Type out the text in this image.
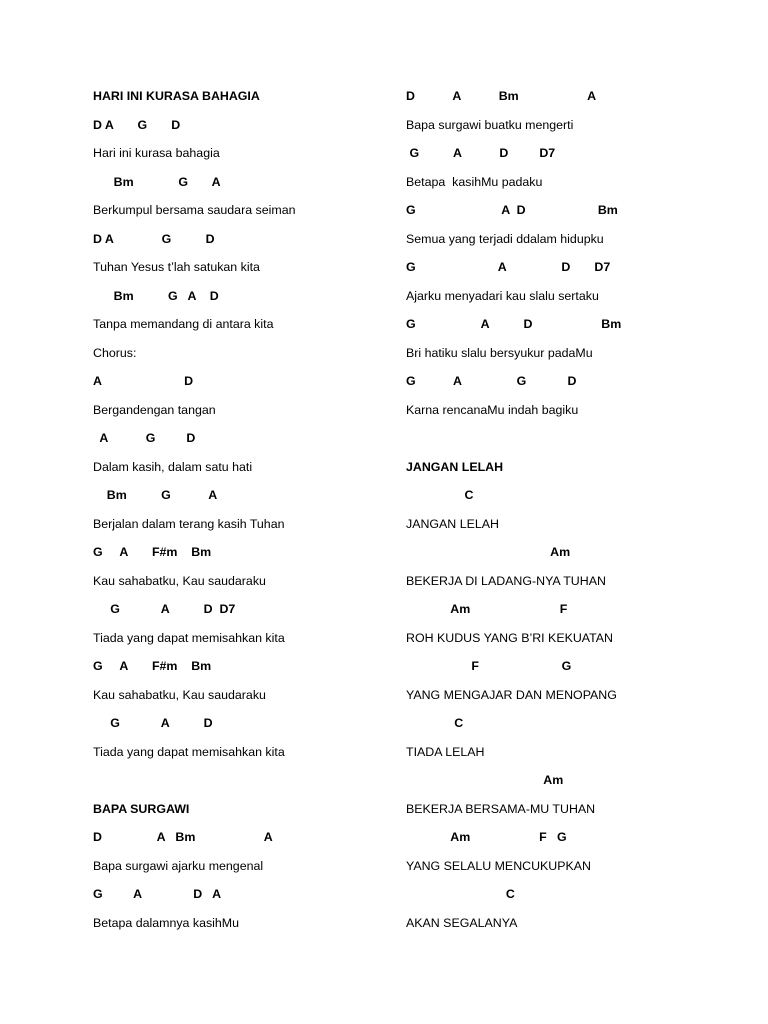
HARI INI KURASA BAHAGIA
D A       G       D
Hari ini kurasa bahagia
Bm             G       A
Berkumpul bersama saudara seiman
D A              G          D
Tuhan Yesus t’lah satukan kita
Bm          G   A    D
Tanpa memandang di antara kita
Chorus:
A                        D
Bergandengan tangan
A           G         D
Dalam kasih, dalam satu hati
Bm          G           A
Berjalan dalam terang kasih Tuhan
G     A       F#m    Bm
Kau sahabatku, Kau saudaraku
G            A          D  D7
Tiada yang dapat memisahkan kita
G     A       F#m    Bm
Kau sahabatku, Kau saudaraku
G            A          D
Tiada yang dapat memisahkan kita
BAPA SURGAWI
D                A   Bm                    A
Bapa surgawi ajarku mengenal
G         A               D   A
Betapa dalamnya kasihMu
D           A           Bm                    A
Bapa surgawi buatku mengerti
G          A           D         D7
Betapa  kasihMu padaku
G                         A  D                     Bm
Semua yang terjadi ddalam hidupku
G                        A                D       D7
Ajarku menyadari kau slalu sertaku
G                   A          D                    Bm
Bri hatiku slalu bersyukur padaMu
G           A                G            D
Karna rencanaMu indah bagiku
JANGAN LELAH
C
JANGAN LELAH
Am
BEKERJA DI LADANG-NYA TUHAN
Am                          F
ROH KUDUS YANG B’RI KEKUATAN
F                        G
YANG MENGAJAR DAN MENOPANG
C
TIADA LELAH
Am
BEKERJA BERSAMA-MU TUHAN
Am                    F   G
YANG SELALU MENCUKUPKAN
C
AKAN SEGALANYA
